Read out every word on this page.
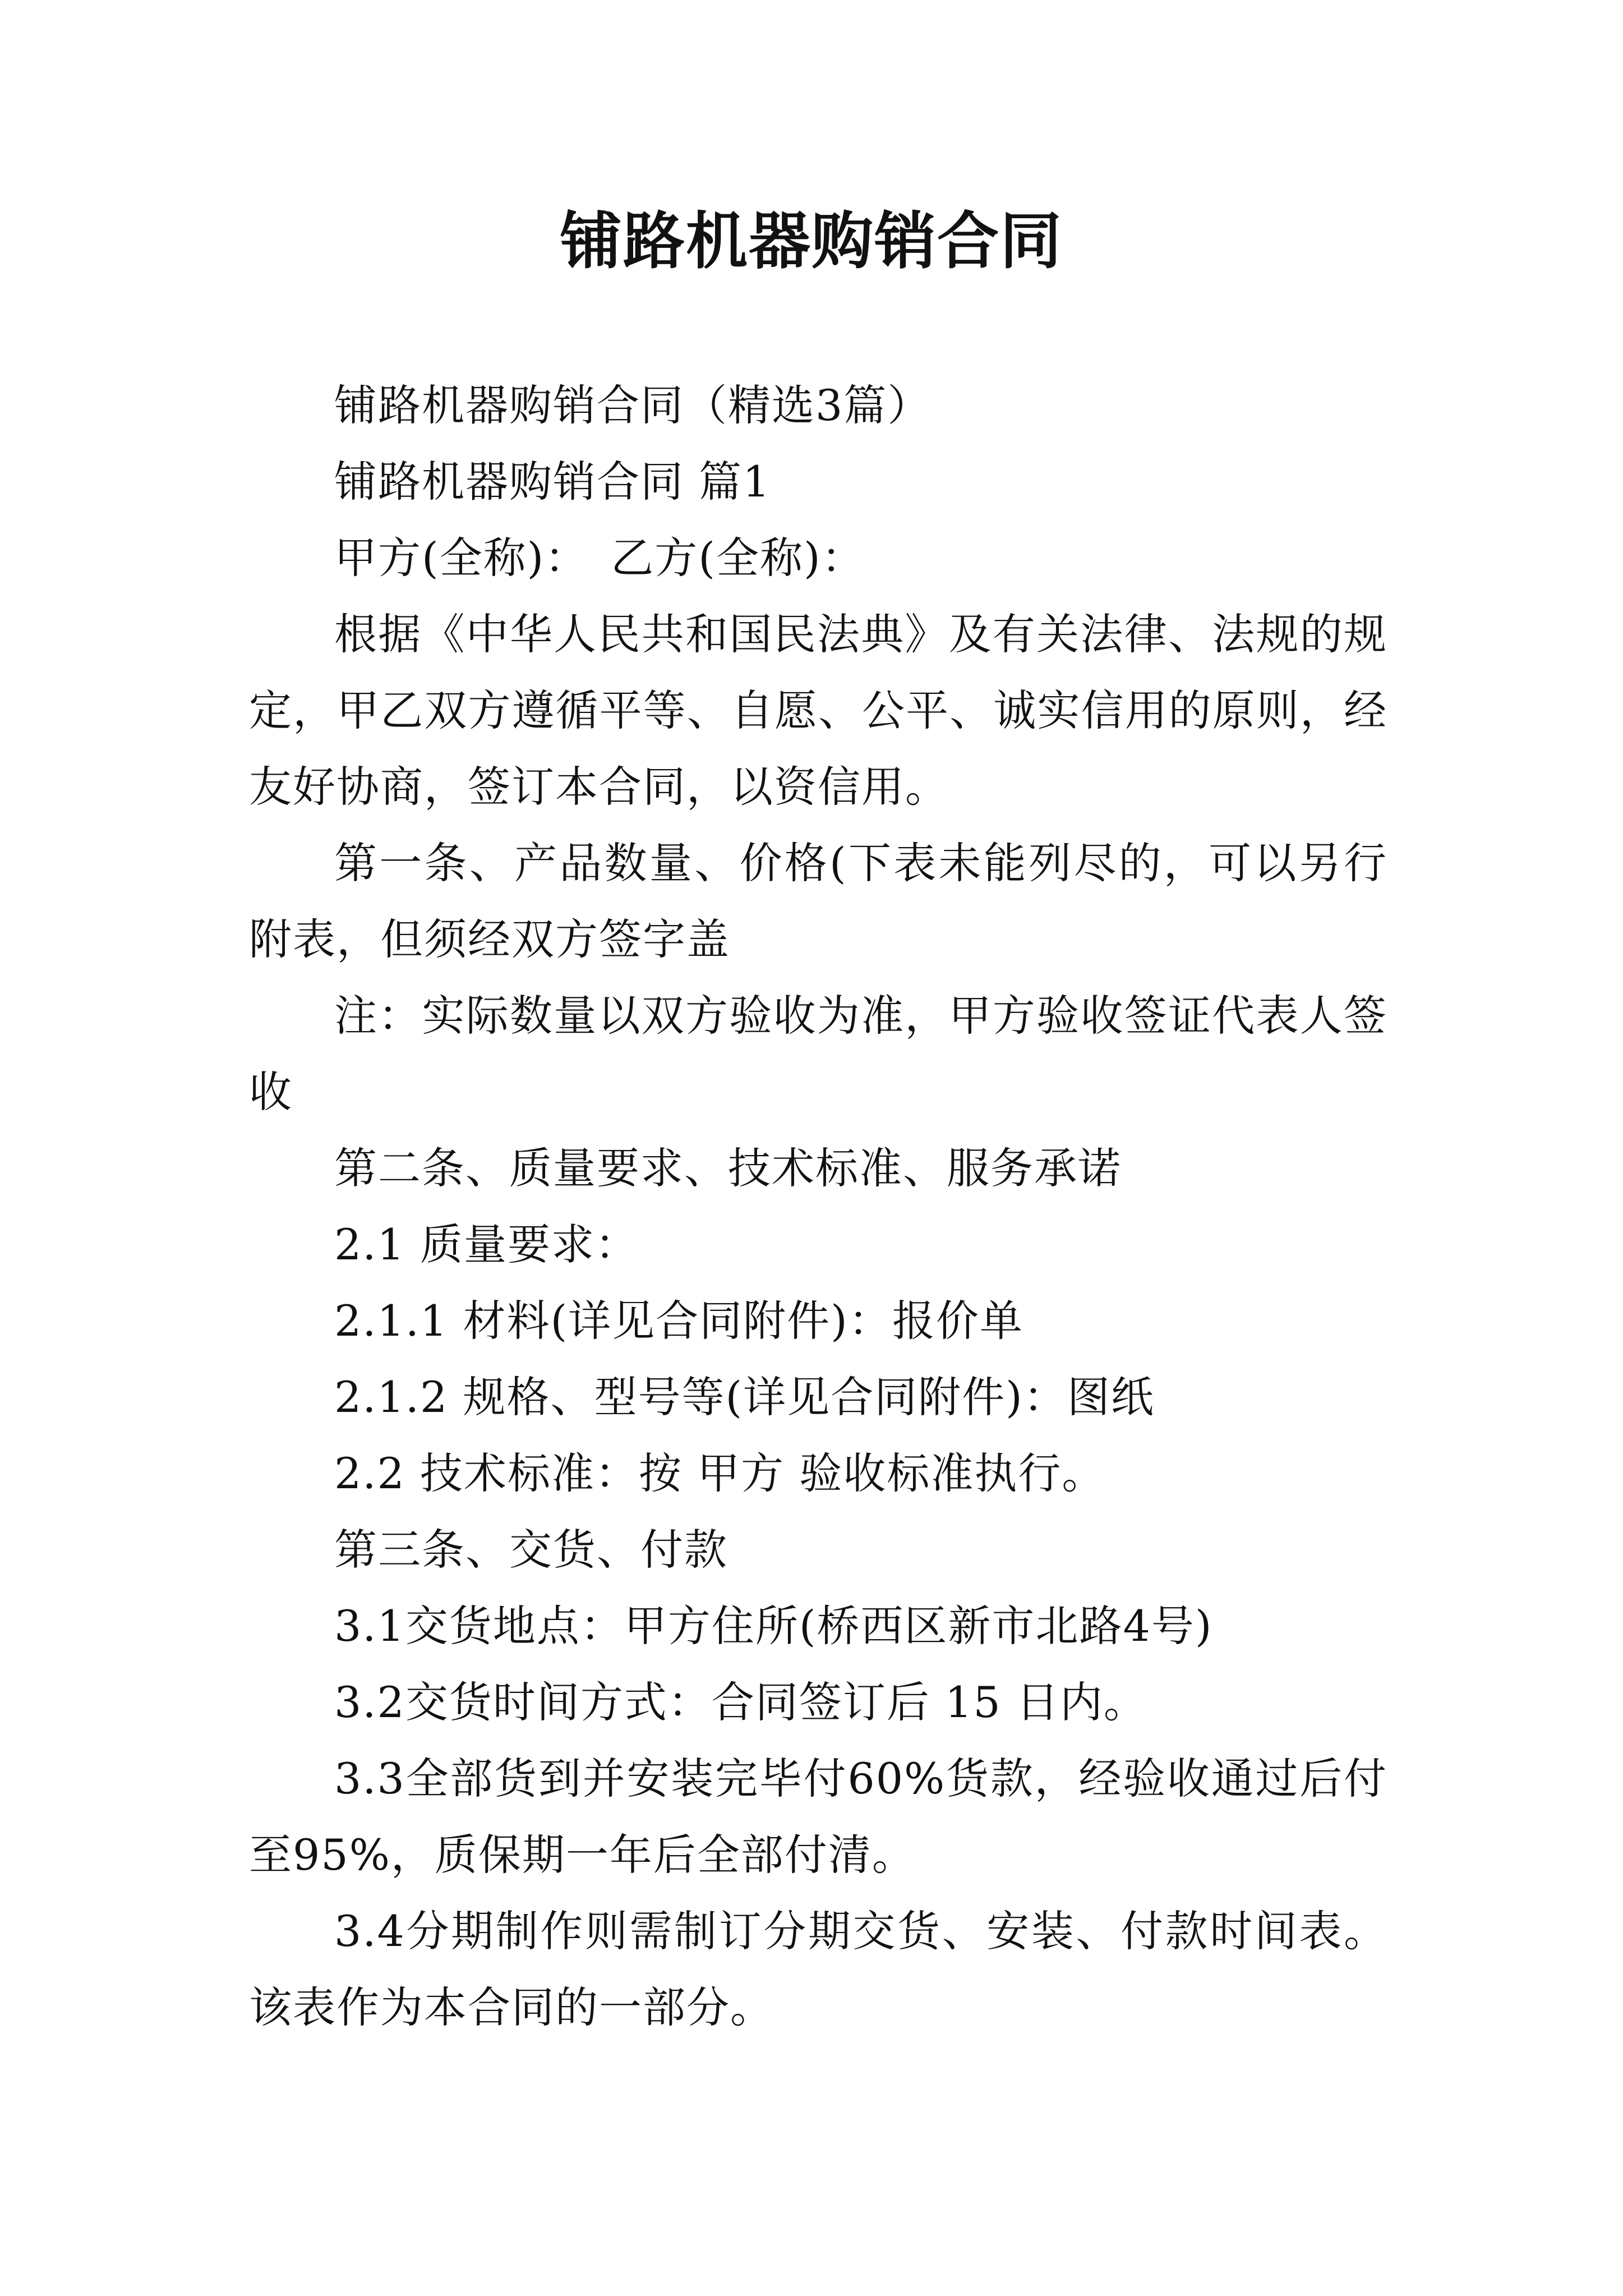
铺路机器购销合同

铺路机器购销合同（精选3篇）

铺路机器购销合同 篇1

甲方(全称)：　乙方(全称)：

根据《中华人民共和国民法典》及有关法律、法规的规定，甲乙双方遵循平等、自愿、公平、诚实信用的原则，经友好协商，签订本合同，以资信用。

第一条、产品数量、价格(下表未能列尽的，可以另行附表，但须经双方签字盖

注：实际数量以双方验收为准，甲方验收签证代表人签收

第二条、质量要求、技术标准、服务承诺

2.1 质量要求：

2.1.1 材料(详见合同附件)：报价单

2.1.2 规格、型号等(详见合同附件)：图纸

2.2 技术标准：按 甲方 验收标准执行。

第三条、交货、付款

3.1交货地点：甲方住所(桥西区新市北路4号)

3.2交货时间方式：合同签订后 15 日内。

3.3全部货到并安装完毕付60%货款，经验收通过后付至95%，质保期一年后全部付清。

3.4分期制作则需制订分期交货、安装、付款时间表。该表作为本合同的一部分。
